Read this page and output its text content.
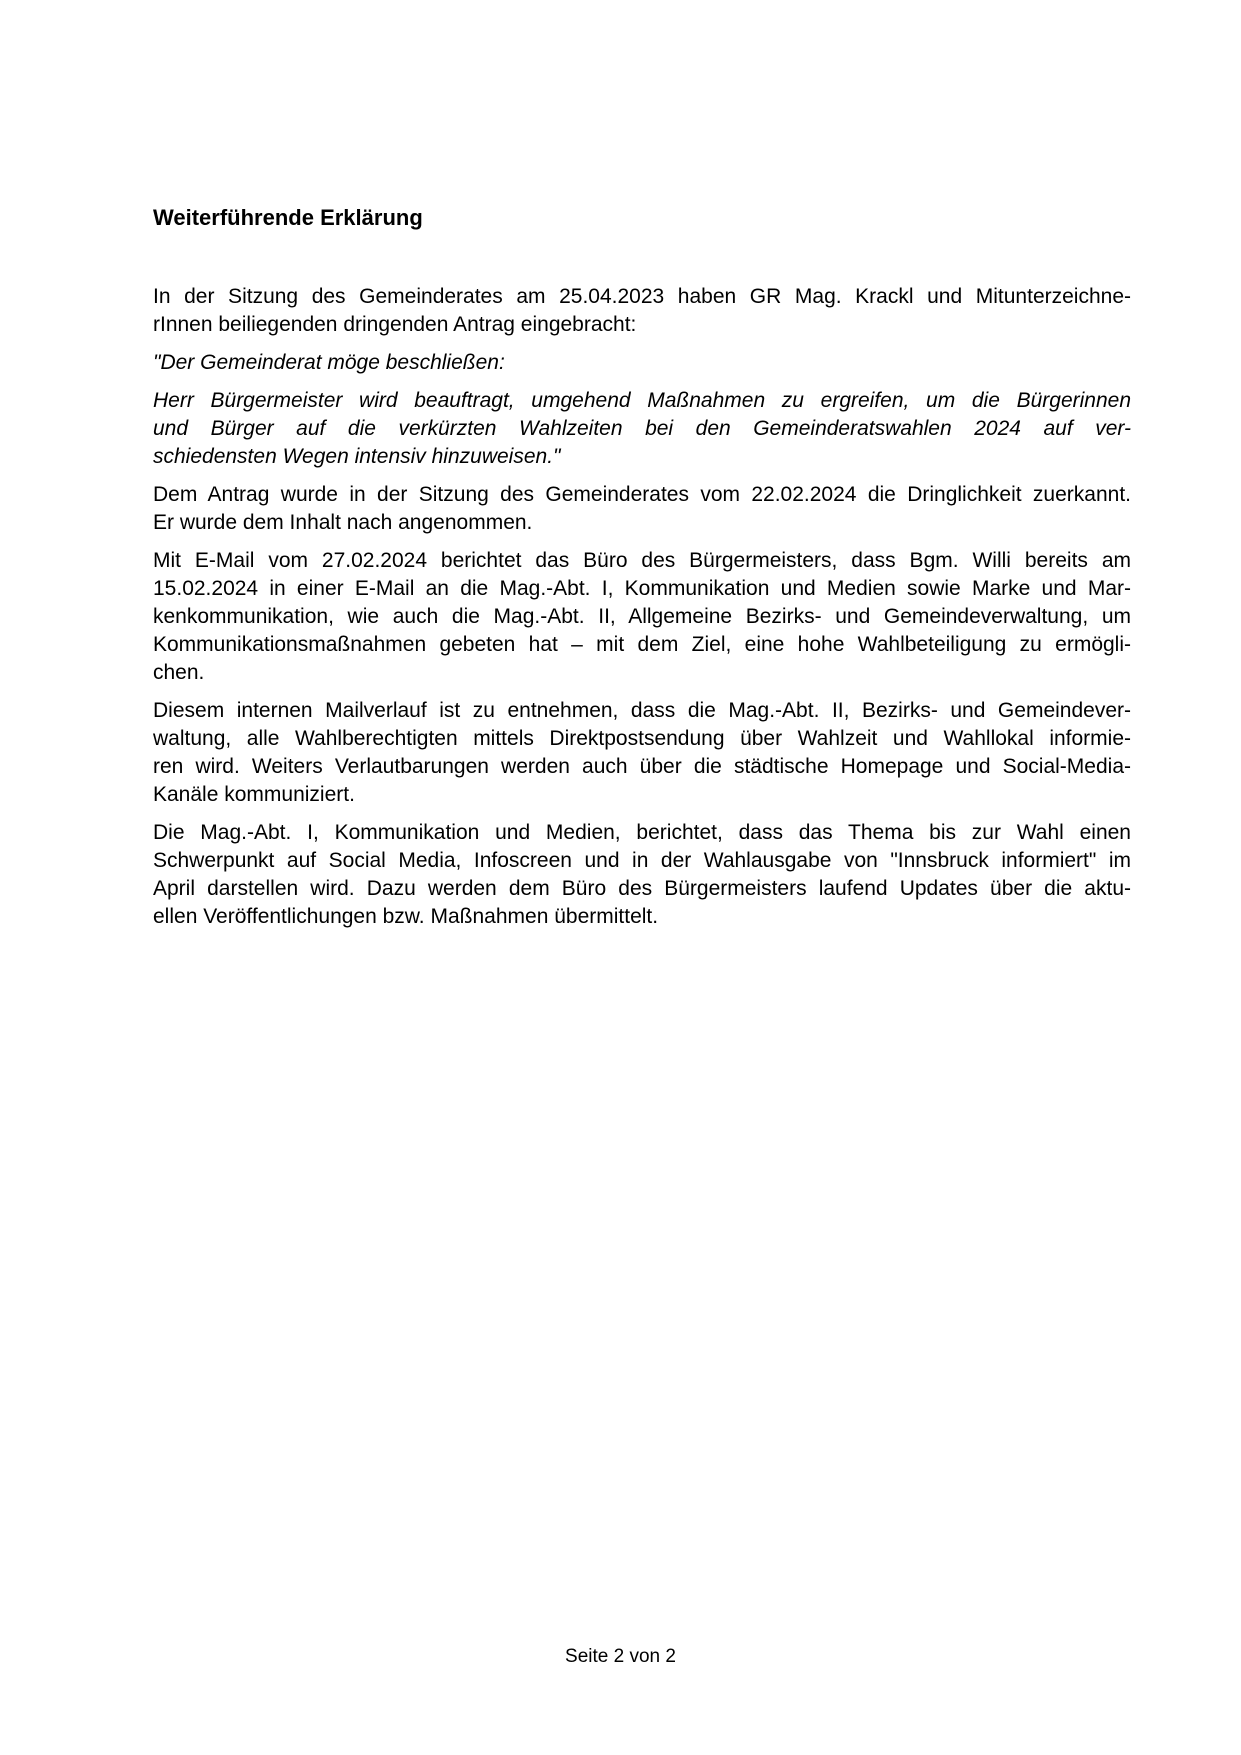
Weiterführende Erklärung

In der Sitzung des Gemeinderates am 25.04.2023 haben GR Mag. Krackl und Mitunterzeichne-
rInnen beiliegenden dringenden Antrag eingebracht:

"Der Gemeinderat möge beschließen:

Herr Bürgermeister wird beauftragt, umgehend Maßnahmen zu ergreifen, um die Bürgerinnen
und Bürger auf die verkürzten Wahlzeiten bei den Gemeinderatswahlen 2024 auf ver-
schiedensten Wegen intensiv hinzuweisen."

Dem Antrag wurde in der Sitzung des Gemeinderates vom 22.02.2024 die Dringlichkeit zuerkannt.
Er wurde dem Inhalt nach angenommen.

Mit E-Mail vom 27.02.2024 berichtet das Büro des Bürgermeisters, dass Bgm. Willi bereits am
15.02.2024 in einer E-Mail an die Mag.-Abt. I, Kommunikation und Medien sowie Marke und Mar-
kenkommunikation, wie auch die Mag.-Abt. II, Allgemeine Bezirks- und Gemeindeverwaltung, um
Kommunikationsmaßnahmen gebeten hat – mit dem Ziel, eine hohe Wahlbeteiligung zu ermögli-
chen.

Diesem internen Mailverlauf ist zu entnehmen, dass die Mag.-Abt. II, Bezirks- und Gemeindever-
waltung, alle Wahlberechtigten mittels Direktpostsendung über Wahlzeit und Wahllokal informie-
ren wird. Weiters Verlautbarungen werden auch über die städtische Homepage und Social-Media-
Kanäle kommuniziert.

Die Mag.-Abt. I, Kommunikation und Medien, berichtet, dass das Thema bis zur Wahl einen
Schwerpunkt auf Social Media, Infoscreen und in der Wahlausgabe von "Innsbruck informiert" im
April darstellen wird. Dazu werden dem Büro des Bürgermeisters laufend Updates über die aktu-
ellen Veröffentlichungen bzw. Maßnahmen übermittelt.

Seite 2 von 2
